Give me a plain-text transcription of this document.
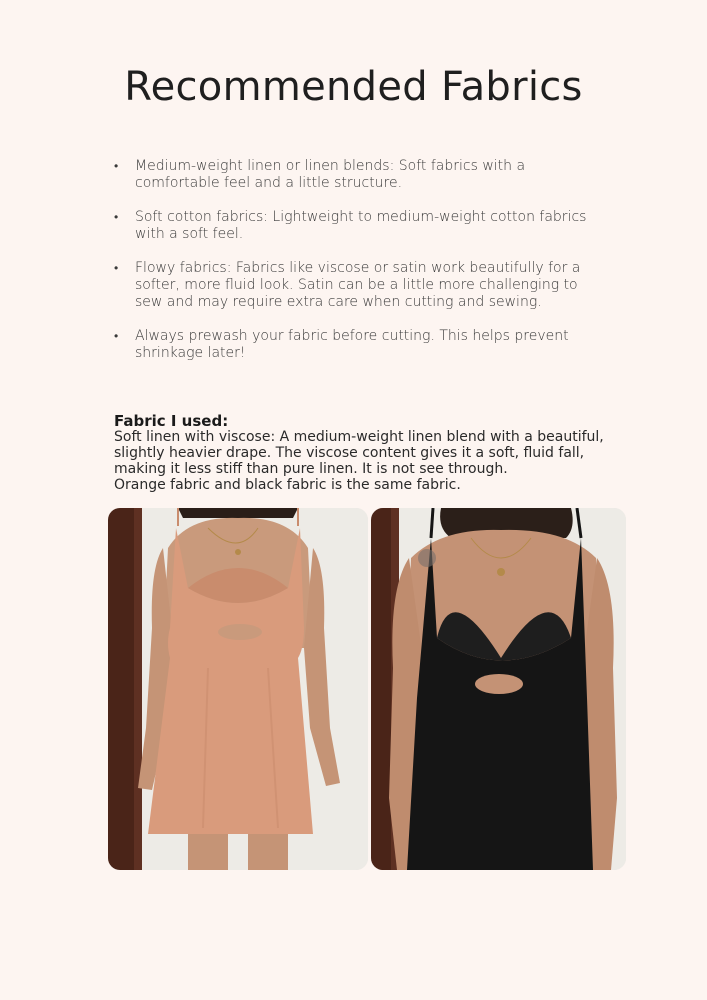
Recommended Fabrics
• Medium-weight linen or linen blends: Soft fabrics with a comfortable feel and a little structure.
• Soft cotton fabrics: Lightweight to medium-weight cotton fabrics with a soft feel.
• Flowy fabrics: Fabrics like viscose or satin work beautifully for a softer, more fluid look. Satin can be a little more challenging to sew and may require extra care when cutting and sewing.
• Always prewash your fabric before cutting. This helps prevent shrinkage later!
Fabric I used:

Soft linen with viscose: A medium-weight linen blend with a beautiful, slightly heavier drape. The viscose content gives it a soft, fluid fall, making it less stiff than pure linen. It is not see through.

Orange fabric and black fabric is the same fabric.
